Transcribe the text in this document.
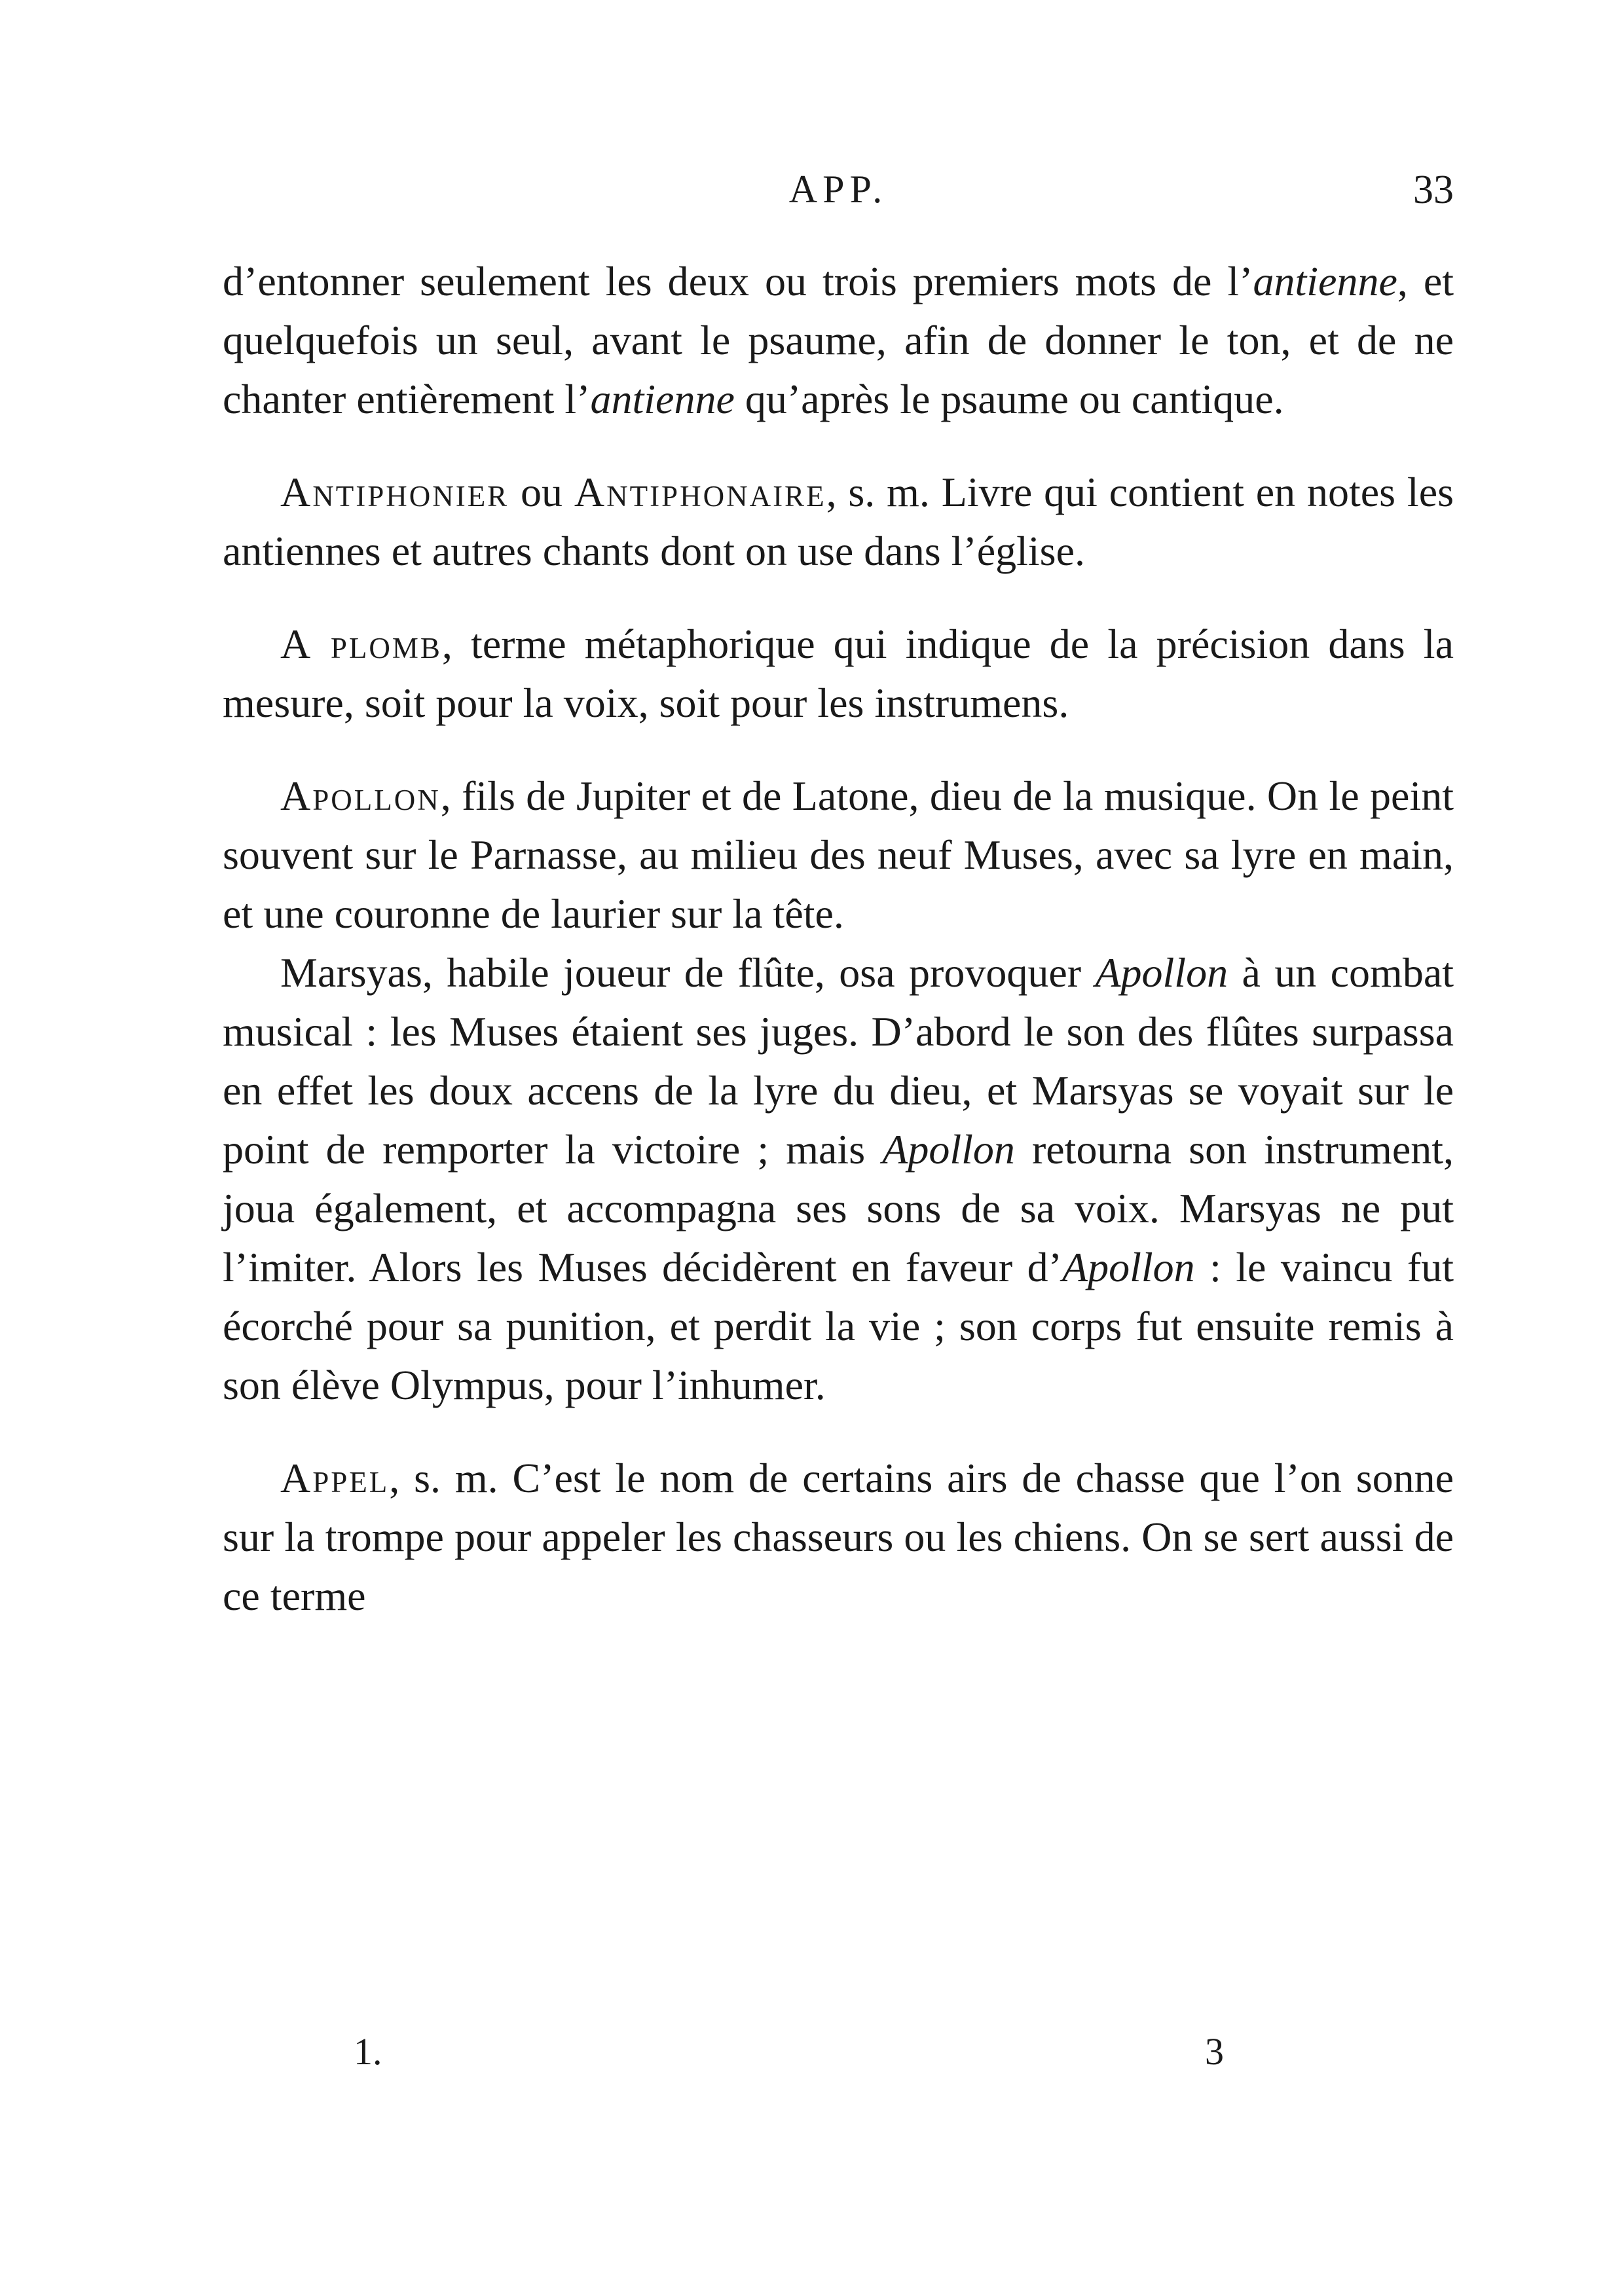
APP.	33

d’entonner seulement les deux ou trois premiers mots de l’antienne, et quelquefois un seul, avant le psaume, afin de donner le ton, et de ne chanter entièrement l’antienne qu’après le psaume ou cantique.

Antiphonier ou Antiphonaire, s. m. Livre qui contient en notes les antiennes et autres chants dont on use dans l’église.

A plomb, terme métaphorique qui indique de la précision dans la mesure, soit pour la voix, soit pour les instrumens.

Apollon, fils de Jupiter et de Latone, dieu de la musique. On le peint souvent sur le Parnasse, au milieu des neuf Muses, avec sa lyre en main, et une couronne de laurier sur la tête.

Marsyas, habile joueur de flûte, osa provoquer Apollon à un combat musical : les Muses étaient ses juges. D’abord le son des flûtes surpassa en effet les doux accens de la lyre du dieu, et Marsyas se voyait sur le point de remporter la victoire ; mais Apollon retourna son instrument, joua également, et accompagna ses sons de sa voix. Marsyas ne put l’imiter. Alors les Muses décidèrent en faveur d’Apollon : le vaincu fut écorché pour sa punition, et perdit la vie ; son corps fut ensuite remis à son élève Olympus, pour l’inhumer.

Appel, s. m. C’est le nom de certains airs de chasse que l’on sonne sur la trompe pour appeler les chasseurs ou les chiens. On se sert aussi de ce terme

1.	3
